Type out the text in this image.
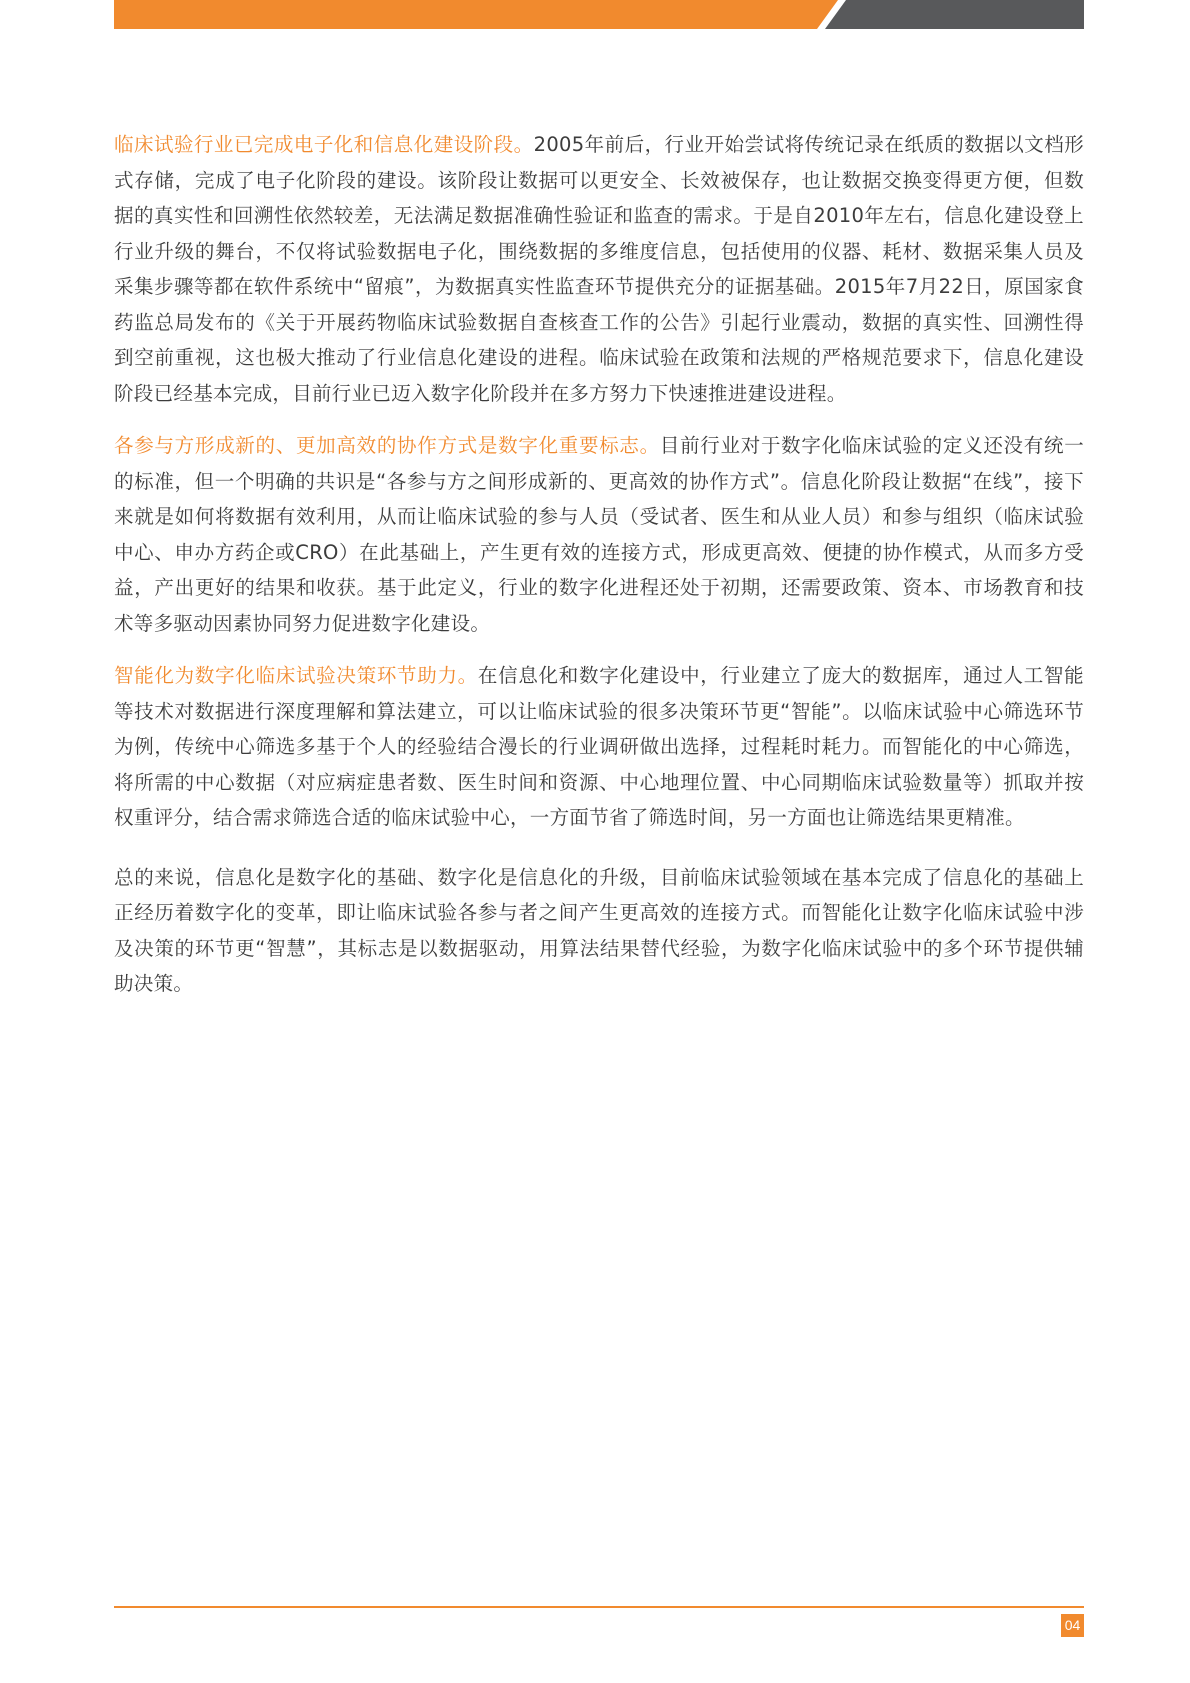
临床试验行业已完成电子化和信息化建设阶段。2005年前后，行业开始尝试将传统记录在纸质的数据以文档形式存储，完成了电子化阶段的建设。该阶段让数据可以更安全、长效被保存，也让数据交换变得更方便，但数据的真实性和回溯性依然较差，无法满足数据准确性验证和监查的需求。于是自2010年左右，信息化建设登上行业升级的舞台，不仅将试验数据电子化，围绕数据的多维度信息，包括使用的仪器、耗材、数据采集人员及采集步骤等都在软件系统中“留痕”，为数据真实性监查环节提供充分的证据基础。2015年7月22日，原国家食药监总局发布的《关于开展药物临床试验数据自查核查工作的公告》引起行业震动，数据的真实性、回溯性得到空前重视，这也极大推动了行业信息化建设的进程。临床试验在政策和法规的严格规范要求下，信息化建设阶段已经基本完成，目前行业已迈入数字化阶段并在多方努力下快速推进建设进程。

各参与方形成新的、更加高效的协作方式是数字化重要标志。目前行业对于数字化临床试验的定义还没有统一的标准，但一个明确的共识是“各参与方之间形成新的、更高效的协作方式”。信息化阶段让数据“在线”，接下来就是如何将数据有效利用，从而让临床试验的参与人员（受试者、医生和从业人员）和参与组织（临床试验中心、申办方药企或CRO）在此基础上，产生更有效的连接方式，形成更高效、便捷的协作模式，从而多方受益，产出更好的结果和收获。基于此定义，行业的数字化进程还处于初期，还需要政策、资本、市场教育和技术等多驱动因素协同努力促进数字化建设。

智能化为数字化临床试验决策环节助力。在信息化和数字化建设中，行业建立了庞大的数据库，通过人工智能等技术对数据进行深度理解和算法建立，可以让临床试验的很多决策环节更“智能”。以临床试验中心筛选环节为例，传统中心筛选多基于个人的经验结合漫长的行业调研做出选择，过程耗时耗力。而智能化的中心筛选，将所需的中心数据（对应病症患者数、医生时间和资源、中心地理位置、中心同期临床试验数量等）抓取并按权重评分，结合需求筛选合适的临床试验中心，一方面节省了筛选时间，另一方面也让筛选结果更精准。

总的来说，信息化是数字化的基础、数字化是信息化的升级，目前临床试验领域在基本完成了信息化的基础上正经历着数字化的变革，即让临床试验各参与者之间产生更高效的连接方式。而智能化让数字化临床试验中涉及决策的环节更“智慧”，其标志是以数据驱动，用算法结果替代经验，为数字化临床试验中的多个环节提供辅助决策。

04
